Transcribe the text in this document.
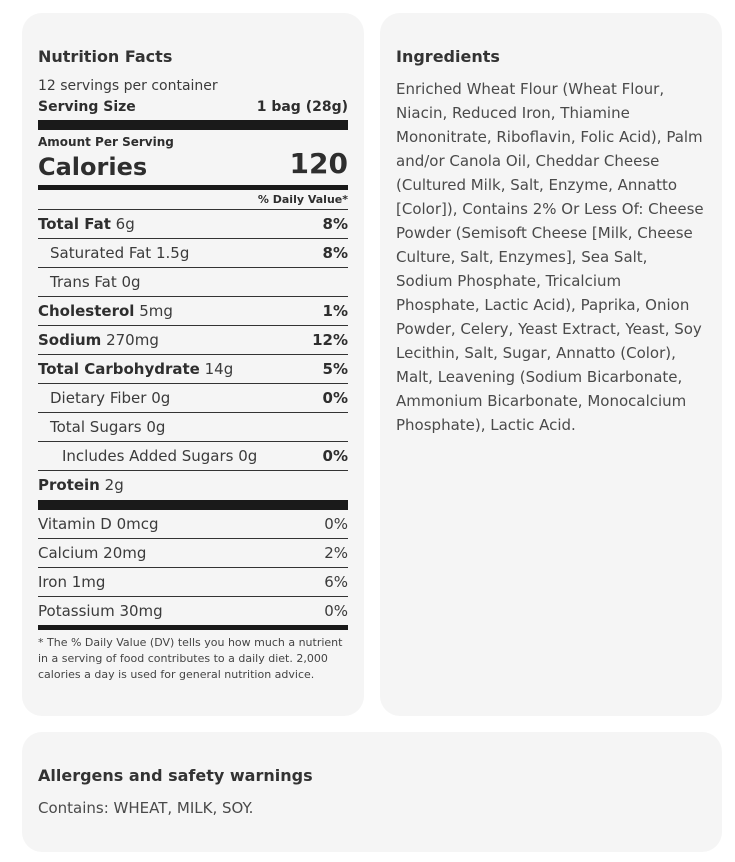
Nutrition Facts
12 servings per container
Serving Size	1 bag (28g)
Amount Per Serving
Calories	120
% Daily Value*
Total Fat 6g	8%
Saturated Fat 1.5g	8%
Trans Fat 0g
Cholesterol 5mg	1%
Sodium 270mg	12%
Total Carbohydrate 14g	5%
Dietary Fiber 0g	0%
Total Sugars 0g
Includes Added Sugars 0g	0%
Protein 2g
Vitamin D 0mcg	0%
Calcium 20mg	2%
Iron 1mg	6%
Potassium 30mg	0%
* The % Daily Value (DV) tells you how much a nutrient in a serving of food contributes to a daily diet. 2,000 calories a day is used for general nutrition advice.
Ingredients
Enriched Wheat Flour (Wheat Flour, Niacin, Reduced Iron, Thiamine Mononitrate, Riboflavin, Folic Acid), Palm and/or Canola Oil, Cheddar Cheese (Cultured Milk, Salt, Enzyme, Annatto [Color]), Contains 2% Or Less Of: Cheese Powder (Semisoft Cheese [Milk, Cheese Culture, Salt, Enzymes], Sea Salt, Sodium Phosphate, Tricalcium Phosphate, Lactic Acid), Paprika, Onion Powder, Celery, Yeast Extract, Yeast, Soy Lecithin, Salt, Sugar, Annatto (Color), Malt, Leavening (Sodium Bicarbonate, Ammonium Bicarbonate, Monocalcium Phosphate), Lactic Acid.
Allergens and safety warnings
Contains: WHEAT, MILK, SOY.
